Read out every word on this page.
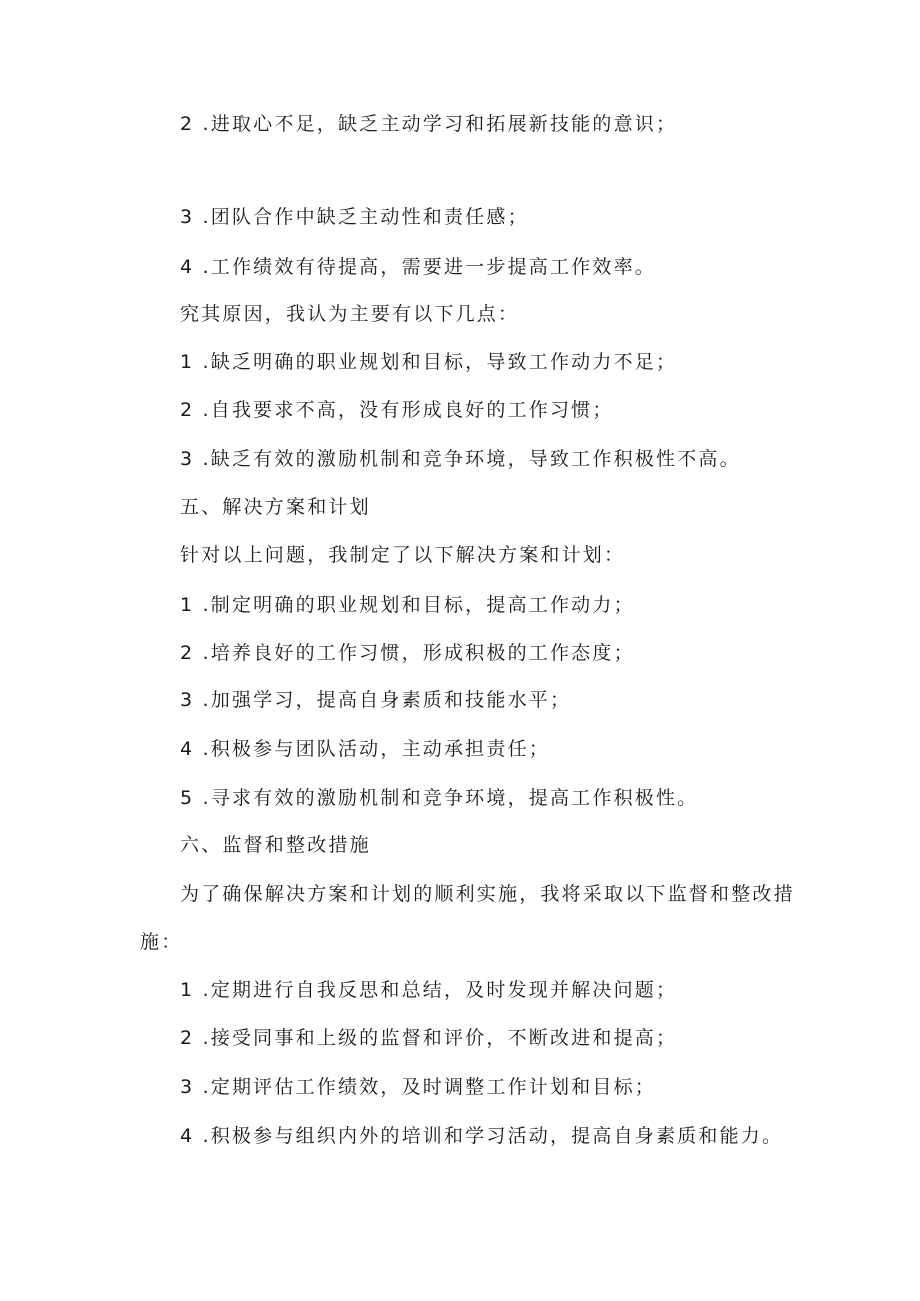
2 .进取心不足，缺乏主动学习和拓展新技能的意识；
3 .团队合作中缺乏主动性和责任感；
4 .工作绩效有待提高，需要进一步提高工作效率。
究其原因，我认为主要有以下几点：
1 .缺乏明确的职业规划和目标，导致工作动力不足；
2 .自我要求不高，没有形成良好的工作习惯；
3 .缺乏有效的激励机制和竞争环境，导致工作积极性不高。
五、解决方案和计划
针对以上问题，我制定了以下解决方案和计划：
1 .制定明确的职业规划和目标，提高工作动力；
2 .培养良好的工作习惯，形成积极的工作态度；
3 .加强学习，提高自身素质和技能水平；
4 .积极参与团队活动，主动承担责任；
5 .寻求有效的激励机制和竞争环境，提高工作积极性。
六、监督和整改措施
为了确保解决方案和计划的顺利实施，我将采取以下监督和整改措
施：
1 .定期进行自我反思和总结，及时发现并解决问题；
2 .接受同事和上级的监督和评价，不断改进和提高；
3 .定期评估工作绩效，及时调整工作计划和目标；
4 .积极参与组织内外的培训和学习活动，提高自身素质和能力。
